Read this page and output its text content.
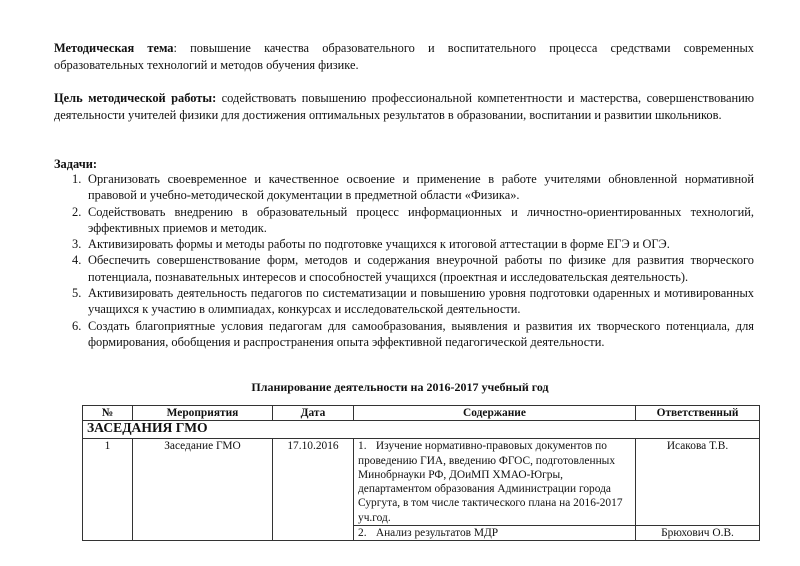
Методическая тема: повышение качества образовательного и воспитательного процесса средствами современных образовательных технологий и методов обучения физике.
Цель методической работы: содействовать повышению профессиональной компетентности и мастерства, совершенствованию деятельности учителей физики для достижения оптимальных результатов в образовании, воспитании и развитии школьников.
Задачи:
1. Организовать своевременное и качественное освоение и применение в работе учителями обновленной нормативной правовой и учебно-методической документации в предметной области «Физика».
2. Содействовать внедрению в образовательный процесс информационных и личностно-ориентированных технологий, эффективных приемов и методик.
3. Активизировать формы и методы работы по подготовке учащихся к итоговой аттестации в форме ЕГЭ и ОГЭ.
4. Обеспечить совершенствование форм, методов и содержания внеурочной работы по физике для развития творческого потенциала, познавательных интересов и способностей учащихся (проектная и исследовательская деятельность).
5. Активизировать деятельность педагогов по систематизации и повышению уровня подготовки одаренных и мотивированных учащихся к участию в олимпиадах, конкурсах и исследовательской деятельности.
6. Создать благоприятные условия педагогам для самообразования, выявления и развития их творческого потенциала, для формирования, обобщения и распространения опыта эффективной педагогической деятельности.
Планирование деятельности на 2016-2017 учебный год
№	Мероприятия	Дата	Содержание	Ответственный
ЗАСЕДАНИЯ ГМО				
1	Заседание ГМО	17.10.2016	1. Изучение нормативно-правовых документов по проведению ГИА, введению ФГОС, подготовленных Минобрнауки РФ, ДОиМП ХМАО-Югры, департаментом образования Администрации города Сургута, в том числе тактического плана на 2016-2017 уч.год.	Исакова Т.В.

			2. Анализ результатов МДР	Брюхович О.В.
